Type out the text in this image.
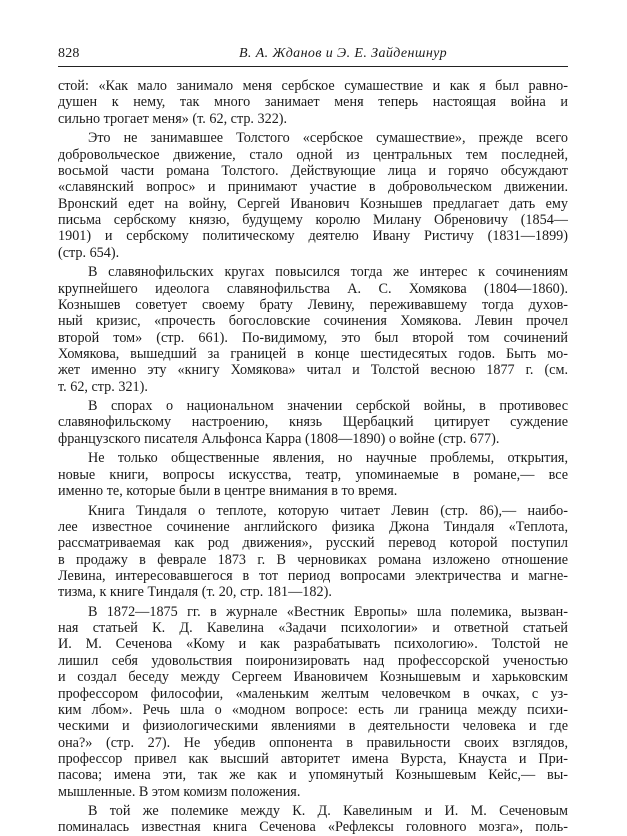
828	В. А. Жданов и Э. Е. Зайденшнур
стой: «Как мало занимало меня сербское сумашествие и как я был равно-
душен к нему, так много занимает меня теперь настоящая война и
сильно трогает меня» (т. 62, стр. 322).
Это не занимавшее Толстого «сербское сумашествие», прежде всего
добровольческое движение, стало одной из центральных тем последней,
восьмой части романа Толстого. Действующие лица и горячо обсуждают
«славянский вопрос» и принимают участие в добровольческом движении.
Вронский едет на войну, Сергей Иванович Кознышев предлагает дать ему
письма сербскому князю, будущему королю Милану Обреновичу (1854—
1901) и сербскому политическому деятелю Ивану Ристичу (1831—1899)
(стр. 654).
В славянофильских кругах повысился тогда же интерес к сочинениям
крупнейшего идеолога славянофильства А. С. Хомякова (1804—1860).
Кознышев советует своему брату Левину, переживавшему тогда духов-
ный кризис, «прочесть богословские сочинения Хомякова. Левин прочел
второй том» (стр. 661). По-видимому, это был второй том сочинений
Хомякова, вышедший за границей в конце шестидесятых годов. Быть мо-
жет именно эту «книгу Хомякова» читал и Толстой весною 1877 г. (см.
т. 62, стр. 321).
В спорах о национальном значении сербской войны, в противовес
славянофильскому настроению, князь Щербацкий цитирует суждение
французского писателя Альфонса Карра (1808—1890) о войне (стр. 677).
Не только общественные явления, но научные проблемы, открытия,
новые книги, вопросы искусства, театр, упоминаемые в романе,— все
именно те, которые были в центре внимания в то время.
Книга Тиндаля о теплоте, которую читает Левин (стр. 86),— наибо-
лее известное сочинение английского физика Джона Тиндаля «Теплота,
рассматриваемая как род движения», русский перевод которой поступил
в продажу в феврале 1873 г. В черновиках романа изложено отношение
Левина, интересовавшегося в тот период вопросами электричества и магне-
тизма, к книге Тиндаля (т. 20, стр. 181—182).
В 1872—1875 гг. в журнале «Вестник Европы» шла полемика, вызван-
ная статьей К. Д. Кавелина «Задачи психологии» и ответной статьей
И. М. Сеченова «Кому и как разрабатывать психологию». Толстой не
лишил себя удовольствия поиронизировать над профессорской ученостью
и создал беседу между Сергеем Ивановичем Кознышевым и харьковским
профессором философии, «маленьким желтым человечком в очках, с уз-
ким лбом». Речь шла о «модном вопросе: есть ли граница между психи-
ческими и физиологическими явлениями в деятельности человека и где
она?» (стр. 27). Не убедив оппонента в правильности своих взглядов,
профессор привел как высший авторитет имена Вурста, Кнауста и При-
пасова; имена эти, так же как и упомянутый Кознышевым Кейс,— вы-
мышленные. В этом комизм положения.
В той же полемике между К. Д. Кавелиным и И. М. Сеченовым
поминалась известная книга Сеченова «Рефлексы головного мозга», поль-
